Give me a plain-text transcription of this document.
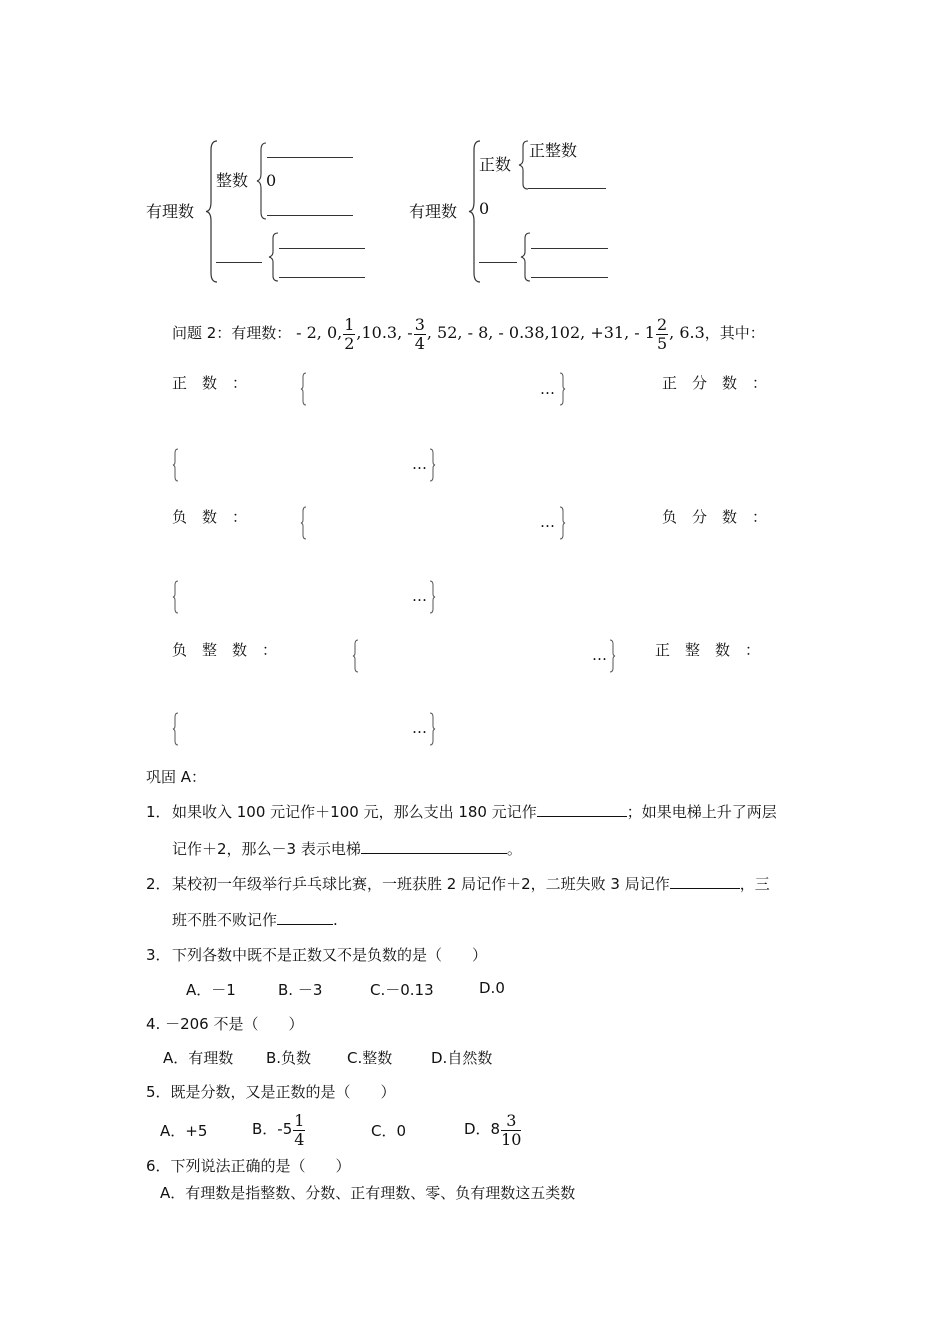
有理数
整数 0
有理数
正数
正整数
0
问题 2：有理数： - 2, 0, $\frac{1}{2} ,10.3$, - $\frac{3}{4}$ , 52, - 8, - 0.38,102, +31, - $1 \frac{2}{5}$ , 6.3，其中：
正　数　：	…	正　分　数　：
…
负　数　：	…	负　分　数　：
…
负　整　数　：	…	正　整　数　：
…
巩固 A：
1． 如果收入 100 元记作＋100 元，那么支出 180 元记作	；如果电梯上升了两层
记作＋2，那么－3 表示电梯	。
2． 某校初一年级举行乒乓球比赛，一班获胜 2 局记作＋2，二班失败 3 局记作	，三
班不胜不败记作	.
3． 下列各数中既不是正数又不是负数的是（　　）
A．－1	B. －3	C.－0.13	D.0
4. －206 不是（　　）
A．有理数 B.负数 C.整数	D.自然数
5．既是分数，又是正数的是（　　）
A．+5	B．$-5 \frac{1}{4}$	C．0	D．$8 \frac{3}{10}$
6．下列说法正确的是（　　）
A．有理数是指整数、分数、正有理数、零、负有理数这五类数
